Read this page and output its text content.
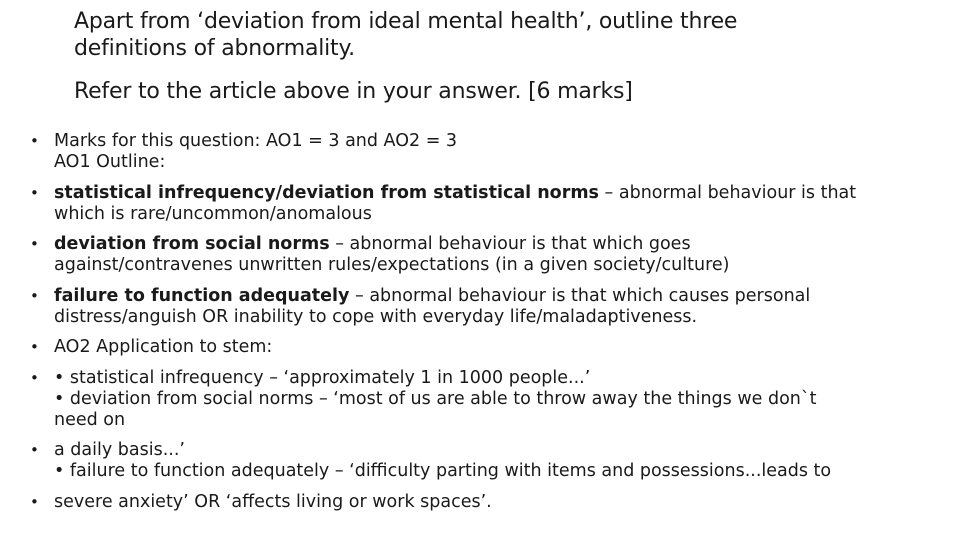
Apart from ‘deviation from ideal mental health’, outline three
definitions of abnormality.
Refer to the article above in your answer. [6 marks]
• Marks for this question: AO1 = 3 and AO2 = 3
AO1 Outline:
• statistical infrequency/deviation from statistical norms – abnormal behaviour is that
which is rare/uncommon/anomalous
• deviation from social norms – abnormal behaviour is that which goes
against/contravenes unwritten rules/expectations (in a given society/culture)
• failure to function adequately – abnormal behaviour is that which causes personal
distress/anguish OR inability to cope with everyday life/maladaptiveness.
• AO2 Application to stem:
• • statistical infrequency – ‘approximately 1 in 1000 people...’
• deviation from social norms – ‘most of us are able to throw away the things we don`t
need on
• a daily basis...’
• failure to function adequately – ‘difficulty parting with items and possessions...leads to
• severe anxiety’ OR ‘affects living or work spaces’.
